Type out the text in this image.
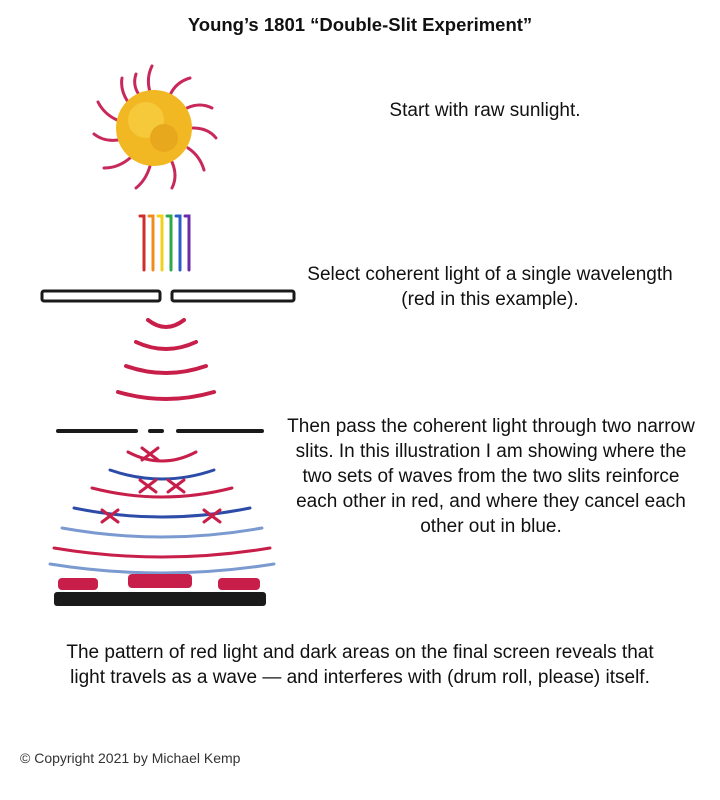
Young’s 1801 “Double-Slit Experiment”
Start with raw sunlight.
Select coherent light of a single wavelength (red in this example).
Then pass the coherent light through two narrow slits. In this illustration I am showing where the two sets of waves from the two slits reinforce each other in red, and where they cancel each other out in blue.
The pattern of red light and dark areas on the final screen reveals that light travels as a wave — and interferes with (drum roll, please) itself.
© Copyright 2021 by Michael Kemp
